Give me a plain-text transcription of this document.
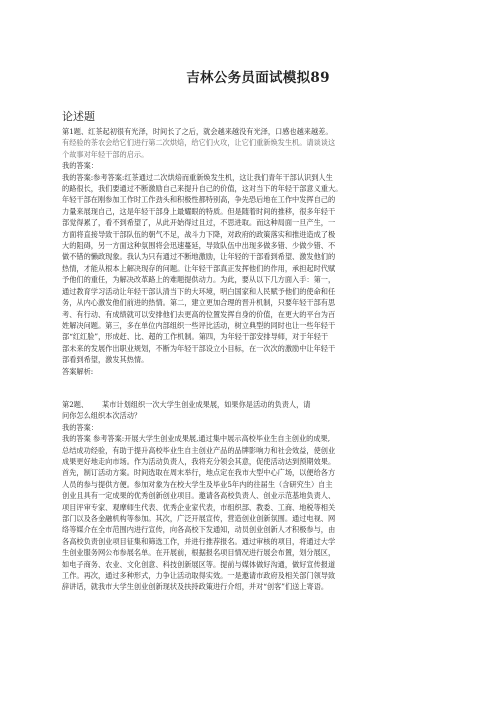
吉林公务员面试模拟89
论述题

第1题、红茶起初很有光泽，时间长了之后，就会越来越没有光泽，口感也越来越差。

有经验的茶农会给它们进行第二次烘焙，给它们火攻，让它们重新焕发生机。请谈谈这

个故事对年轻干部的启示。

我的答案：

我的答案:参考答案:红茶通过二次烘焙而重新焕发生机，这让我们青年干部认识到人生

的路很长，我们要通过不断激励自己来提升自己的价值，这对当下的年轻干部意义重大。

年轻干部在刚参加工作时工作劲头和积极性都特别高，争先恐后地在工作中发挥自己的

力量来展现自己，这是年轻干部身上最耀眼的特质。但是随着时间的推移，很多年轻干

部觉得累了，看不到希望了，从此开始得过且过，不思进取。而这种局面一旦产生，一

方面将直接导致干部队伍的朝气不足，战斗力下降，对政府的政策落实和推进造成了极

大的阻碍，另一方面这种氛围将会迅速蔓延，导致队伍中出现多做多错、少做少错、不

做不错的懒政现象。我认为只有通过不断地激励，让年轻的干部看到希望、激发他们的

热情，才能从根本上解决现存的问题。让年轻干部真正发挥他们的作用，承担起时代赋

予他们的重任，为解决改革路上的难题提供动力。为此，要从以下几方面入手：第一，

通过教育学习活动让年轻干部认清当下的大环境，明白国家和人民赋予他们的使命和任

务，从内心激发他们前进的热情。第二，建立更加合理的晋升机制，只要年轻干部有思

考、有行动、有成绩就可以安排他们去更高的位置发挥自身的价值，在更大的平台为百

姓解决问题。第三，多在单位内部组织一些评比活动，树立典型的同时也让一些年轻干

部“红红脸”，形成赶、比、超的工作机制。第四，为年轻干部安排导师，对于年轻干

部未来的发展作出职业规划，不断为年轻干部设立小目标，在一次次的激励中让年轻干

部看到希望，激发其热情。

答案解析:

第2题、	某市计划组织一次大学生创业成果展，如果你是活动的负责人，请

问你怎么组织本次活动？

我的答案：

我的答案 参考答案:开展大学生创业成果展,通过集中展示高校毕业生自主创业的成果,

总结成功经验，有助于提升高校毕业生自主创业产品的品牌影响力和社会效益，使创业

成果更好地走向市场。作为活动负责人，我将充分领会其意，促使活动达到预期效果。

首先，制订活动方案。时间选取在周末举行，地点定在我市大型中心广场，以便给各方

人员的参与提供方便。参加对象为在校大学生及毕业5年内的往届生（含研究生）自主

创业且具有一定成果的优秀创新创业项目。邀请各高校负责人、创业示范基地负责人、

项目评审专家、观摩师生代表、优秀企业家代表，市组织部、教委、工商、地税等相关

部门以及各金融机构等参加。其次，广泛开展宣传，营造创业创新氛围。通过电视、网

络等媒介在全市范围内进行宣传，向各高校下发通知，动员创业创新人才积极参与，由

各高校负责创业项目征集和筛选工作，并进行推荐报名。通过审核的项目，将通过大学

生创业服务网公布参展名单。在开展前，根据报名项目情况进行展会布置，划分展区，

如电子商务、农业、文化创意、科技创新展区等。提前与媒体做好沟通，做好宣传报道

工作。再次，通过多种形式，力争让活动取得实效。一是邀请市政府及相关部门领导致

辞讲话，就我市大学生创业创新现状及扶持政策进行介绍，并对“创客”们送上寄语。
